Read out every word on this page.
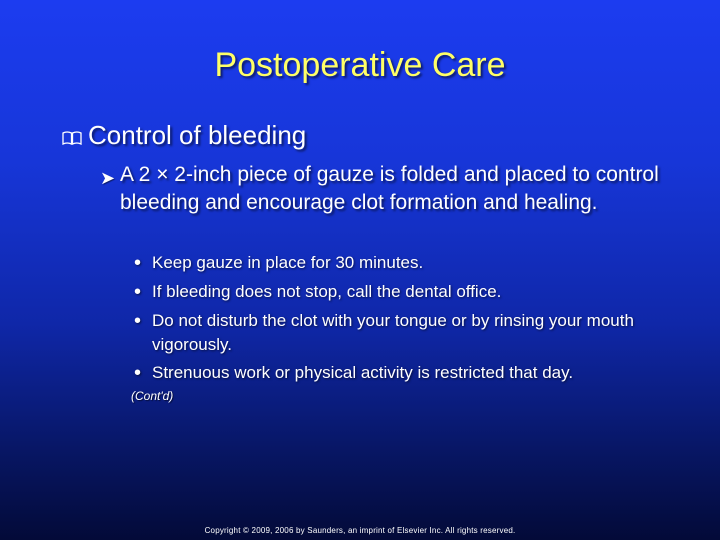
Postoperative Care
Control of bleeding
➤ A 2 × 2-inch piece of gauze is folded and placed to control bleeding and encourage clot formation and healing.
• Keep gauze in place for 30 minutes.
• If bleeding does not stop, call the dental office.
• Do not disturb the clot with your tongue or by rinsing your mouth vigorously.
• Strenuous work or physical activity is restricted that day.
(Cont'd)
Copyright © 2009, 2006 by Saunders, an imprint of Elsevier Inc. All rights reserved.
